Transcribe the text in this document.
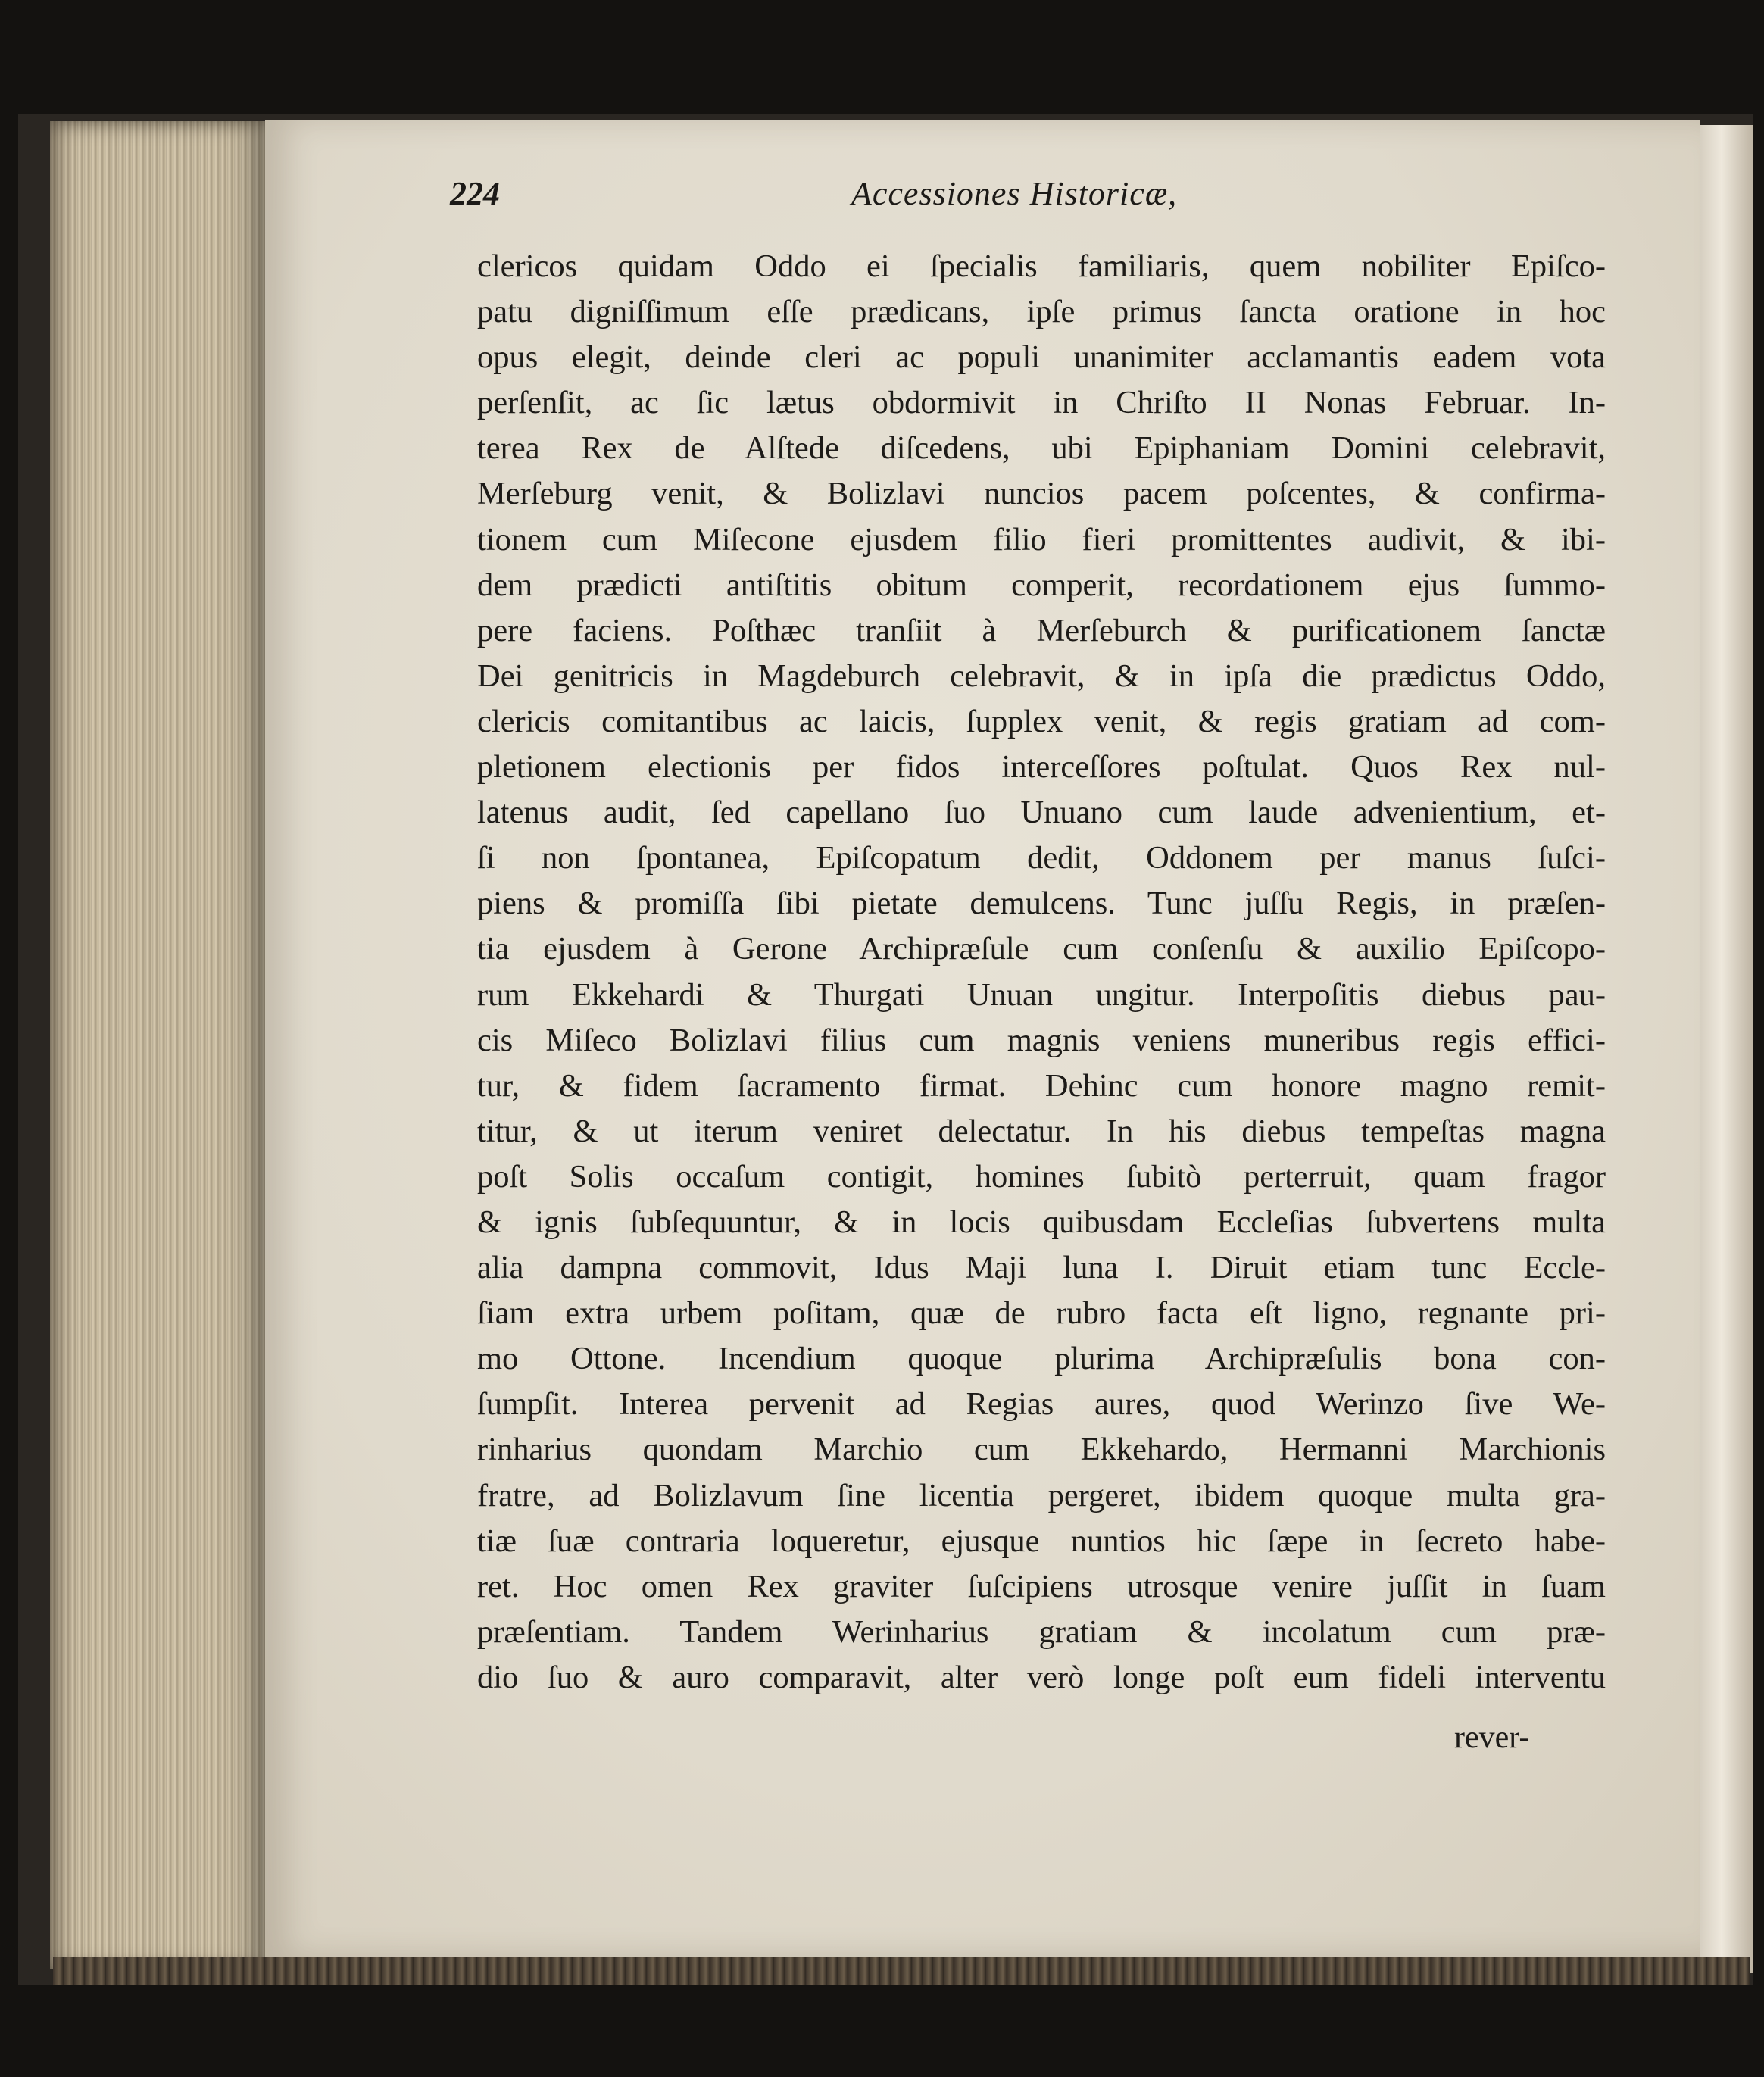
224	Accessiones Historicæ,
clericos quidam Oddo ei ſpecialis familiaris, quem nobiliter Epiſco-
patu digniſſimum eſſe prædicans, ipſe primus ſancta oratione in hoc
opus elegit, deinde cleri ac populi unanimiter acclamantis eadem vota
perſenſit, ac ſic lætus obdormivit in Chriſto II Nonas Februar. In-
terea Rex de Alſtede diſcedens, ubi Epiphaniam Domini celebravit,
Merſeburg venit, & Bolizlavi nuncios pacem poſcentes, & confirma-
tionem cum Miſecone ejusdem filio fieri promittentes audivit, & ibi-
dem prædicti antiſtitis obitum comperit, recordationem ejus ſummo-
pere faciens. Poſthæc tranſiit à Merſeburch & purificationem ſanctæ
Dei genitricis in Magdeburch celebravit, & in ipſa die prædictus Oddo,
clericis comitantibus ac laicis, ſupplex venit, & regis gratiam ad com-
pletionem electionis per fidos interceſſores poſtulat. Quos Rex nul-
latenus audit, ſed capellano ſuo Unuano cum laude advenientium, et-
ſi non ſpontanea, Epiſcopatum dedit, Oddonem per manus ſuſci-
piens & promiſſa ſibi pietate demulcens. Tunc juſſu Regis, in præſen-
tia ejusdem à Gerone Archipræſule cum conſenſu & auxilio Epiſcopo-
rum Ekkehardi & Thurgati Unuan ungitur. Interpoſitis diebus pau-
cis Miſeco Bolizlavi filius cum magnis veniens muneribus regis effici-
tur, & fidem ſacramento firmat. Dehinc cum honore magno remit-
titur, & ut iterum veniret delectatur. In his diebus tempeſtas magna
poſt Solis occaſum contigit, homines ſubitò perterruit, quam fragor
& ignis ſubſequuntur, & in locis quibusdam Eccleſias ſubvertens multa
alia dampna commovit, Idus Maji luna I. Diruit etiam tunc Eccle-
ſiam extra urbem poſitam, quæ de rubro facta eſt ligno, regnante pri-
mo Ottone. Incendium quoque plurima Archipræſulis bona con-
ſumpſit. Interea pervenit ad Regias aures, quod Werinzo ſive We-
rinharius quondam Marchio cum Ekkehardo, Hermanni Marchionis
fratre, ad Bolizlavum ſine licentia pergeret, ibidem quoque multa gra-
tiæ ſuæ contraria loqueretur, ejusque nuntios hic ſæpe in ſecreto habe-
ret. Hoc omen Rex graviter ſuſcipiens utrosque venire juſſit in ſuam
præſentiam. Tandem Werinharius gratiam & incolatum cum præ-
dio ſuo & auro comparavit, alter verò longe poſt eum fideli interventu
rever-
